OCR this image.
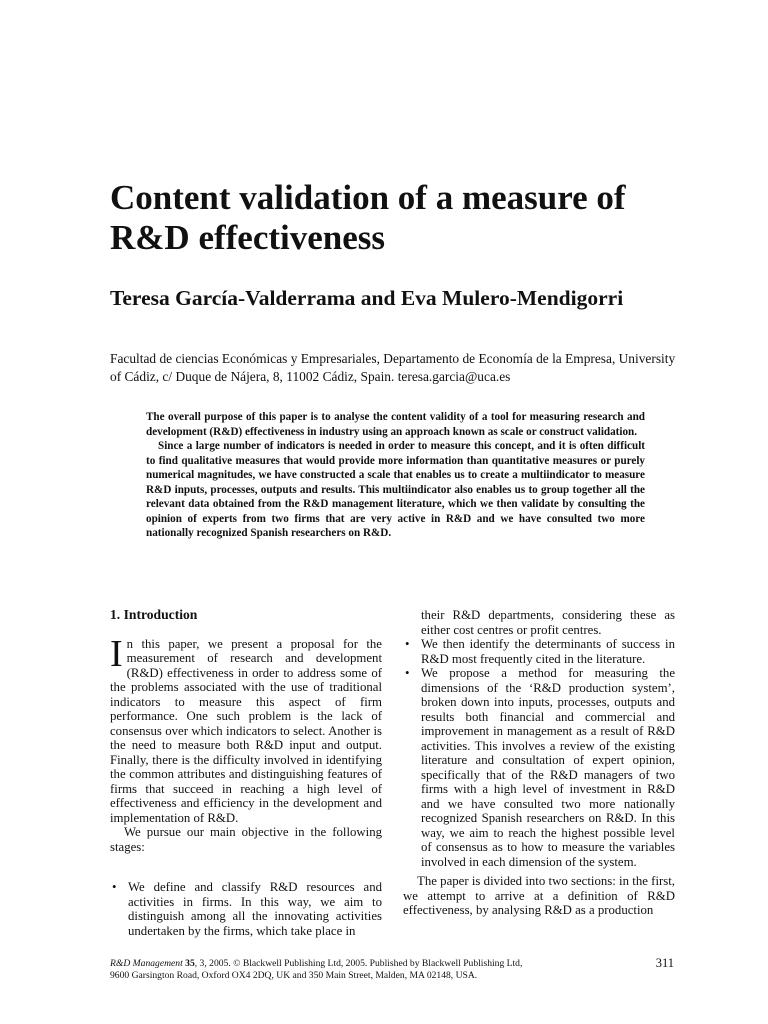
Content validation of a measure of R&D effectiveness
Teresa García-Valderrama and Eva Mulero-Mendigorri

Facultad de ciencias Económicas y Empresariales, Departamento de Economía de la Empresa, University of Cádiz, c/ Duque de Nájera, 8, 11002 Cádiz, Spain. teresa.garcia@uca.es

The overall purpose of this paper is to analyse the content validity of a tool for measuring research and development (R&D) effectiveness in industry using an approach known as scale or construct validation.

Since a large number of indicators is needed in order to measure this concept, and it is often difficult to find qualitative measures that would provide more information than quantitative measures or purely numerical magnitudes, we have constructed a scale that enables us to create a multiindicator to measure R&D inputs, processes, outputs and results. This multiindicator also enables us to group together all the relevant data obtained from the R&D management literature, which we then validate by consulting the opinion of experts from two firms that are very active in R&D and we have consulted two more nationally recognized Spanish researchers on R&D.

1. Introduction

In this paper, we present a proposal for the measurement of research and development (R&D) effectiveness in order to address some of the problems associated with the use of traditional indicators to measure this aspect of firm performance. One such problem is the lack of consensus over which indicators to select. Another is the need to measure both R&D input and output. Finally, there is the difficulty involved in identifying the common attributes and distinguishing features of firms that succeed in reaching a high level of effectiveness and efficiency in the development and implementation of R&D.

We pursue our main objective in the following stages:

• We define and classify R&D resources and activities in firms. In this way, we aim to distinguish among all the innovating activities undertaken by the firms, which take place in

their R&D departments, considering these as either cost centres or profit centres.

• We then identify the determinants of success in R&D most frequently cited in the literature.
• We propose a method for measuring the dimensions of the ‘R&D production system’, broken down into inputs, processes, outputs and results both financial and commercial and improvement in management as a result of R&D activities. This involves a review of the existing literature and consultation of expert opinion, specifically that of the R&D managers of two firms with a high level of investment in R&D and we have consulted two more nationally recognized Spanish researchers on R&D. In this way, we aim to reach the highest possible level of consensus as to how to measure the variables involved in each dimension of the system.

The paper is divided into two sections: in the first, we attempt to arrive at a definition of R&D effectiveness, by analysing R&D as a production

R&D Management 35, 3, 2005. © Blackwell Publishing Ltd, 2005. Published by Blackwell Publishing Ltd,
9600 Garsington Road, Oxford OX4 2DQ, UK and 350 Main Street, Malden, MA 02148, USA.

311
